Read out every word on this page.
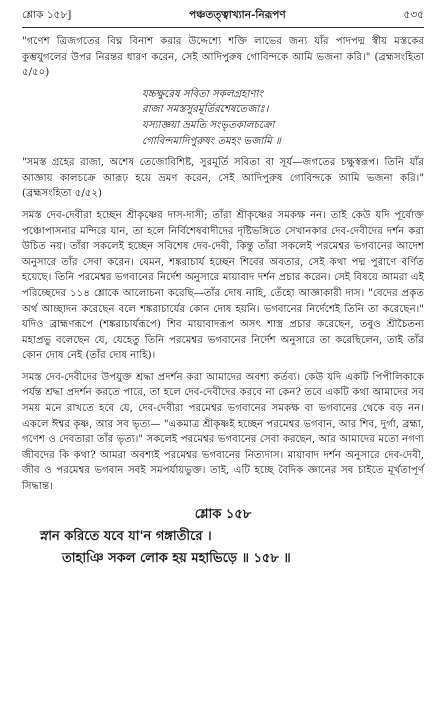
শ্লোক ১৫৮]	পঞ্চতত্ত্বাখ্যান-নিরূপণ	৫৩৫

"গণেশ ত্রিজগতের বিঘ্ন বিনাশ করার উদ্দেশ্যে শক্তি লাভের জন্য যাঁর পাদপদ্ম স্বীয় মস্তকের কুম্ভযুগলের উপর নিরন্তর ধারণ করেন, সেই আদিপুরুষ গোবিন্দকে আমি ভজনা করি।" (ব্রহ্মসংহিতা ৫/৫০)

যচ্চক্ষুরেষ সবিতা সকলগ্রহাণাং
রাজা সমস্তসুরমূর্তিরশেষতেজাঃ।
যস্যাজ্ঞয়া ভ্রমতি সংভৃতকালচক্রো
গোবিন্দমাদিপুরুষং তমহং ভজামি ॥

"সমস্ত গ্রহের রাজা, অশেষ তেজোবিশিষ্ট, সুরমূর্তি সবিতা বা সূর্য—জগতের চক্ষুস্বরূপ। তিনি যাঁর আজ্ঞায় কালচক্রে আরূঢ় হয়ে ভ্রমণ করেন, সেই আদিপুরুষ গোবিন্দকে আমি ভজনা করি।" (ব্রহ্মসংহিতা ৫/৫২)

সমস্ত দেব-দেবীরা হচ্ছেন শ্রীকৃষ্ণের দাস-দাসী; তাঁরা শ্রীকৃষ্ণের সমকক্ষ নন। তাই কেউ যদি পূর্বোক্ত পঞ্চোপাসনার মন্দিরে যান, তা হলে নির্বিশেষবাদীদের দৃষ্টিভঙ্গিতে সেখানকার দেব-দেবীদের দর্শন করা উচিত নয়। তাঁরা সকলেই হচ্ছেন সবিশেষ দেব-দেবী, কিন্তু তাঁরা সকলেই পরমেশ্বর ভগবানের আদেশ অনুসারে তাঁর সেবা করেন। যেমন, শঙ্করাচার্য হচ্ছেন শিবের অবতার, সেই কথা পদ্ম পুরাণে বর্ণিত হয়েছে। তিনি পরমেশ্বর ভগবানের নির্দেশ অনুসারে মায়াবাদ দর্শন প্রচার করেন। সেই বিষয়ে আমরা এই পরিচ্ছেদের ১১৪ শ্লোকে আলোচনা করেছি—তাঁর দোষ নাহি, তেঁহো আজ্ঞাকারী দাস। "বেদের প্রকৃত অর্থ আচ্ছাদন করেছেন বলে শঙ্করাচার্যের কোন দোষ হয়নি। ভগবানের নির্দেশেই তিনি তা করেছেন।" যদিও ব্রাহ্মণরূপে (শঙ্করাচার্যরূপে) শিব মায়াবাদরূপ অসৎ শাস্ত্র প্রচার করেছেন, তবুও শ্রীচৈতন্য মহাপ্রভু বলেছেন যে, যেহেতু তিনি পরমেশ্বর ভগবানের নির্দেশ অনুসারে তা করেছিলেন, তাই তাঁর কোন দোষ নেই (তাঁর দোষ নাহি)।

সমস্ত দেব-দেবীদের উপযুক্ত শ্রদ্ধা প্রদর্শন করা আমাদের অবশ্য কর্তব্য। কেউ যদি একটি পিপীলিকাকে পর্যন্ত শ্রদ্ধা প্রদর্শন করতে পারে, তা হলে দেব-দেবীদের করবে না কেন? তবে একটি কথা আমাদের সব সময় মনে রাখতে হবে যে, দেব-দেবীরা পরমেশ্বর ভগবানের সমকক্ষ বা ভগবানের থেকে বড় নন। একলে ঈশ্বর কৃষ্ণ, আর সব ভৃত্য— "একমাত্র শ্রীকৃষ্ণই হচ্ছেন পরমেশ্বর ভগবান, আর শিব, দুর্গা, ব্রহ্মা, গণেশ ও দেবতারা তাঁর ভৃত্য।" সকলেই পরমেশ্বর ভগবানের সেবা করছেন, আর আমাদের মতো নগণ্য জীবদের কি কথা? আমরা অবশ্যই পরমেশ্বর ভগবানের নিত্যদাস। মায়াবাদ দর্শন অনুসারে দেব-দেবী, জীব ও পরমেশ্বর ভগবান সবই সমপর্যায়ভুক্ত। তাই, এটি হচ্ছে বৈদিক জ্ঞানের সব চাইতে মূর্খতাপূর্ণ সিদ্ধান্ত।

শ্লোক ১৫৮
স্নান করিতে যবে যা'ন গঙ্গাতীরে ।
তাহাঞি সকল লোক হয় মহাভিড়ে ॥ ১৫৮ ॥
